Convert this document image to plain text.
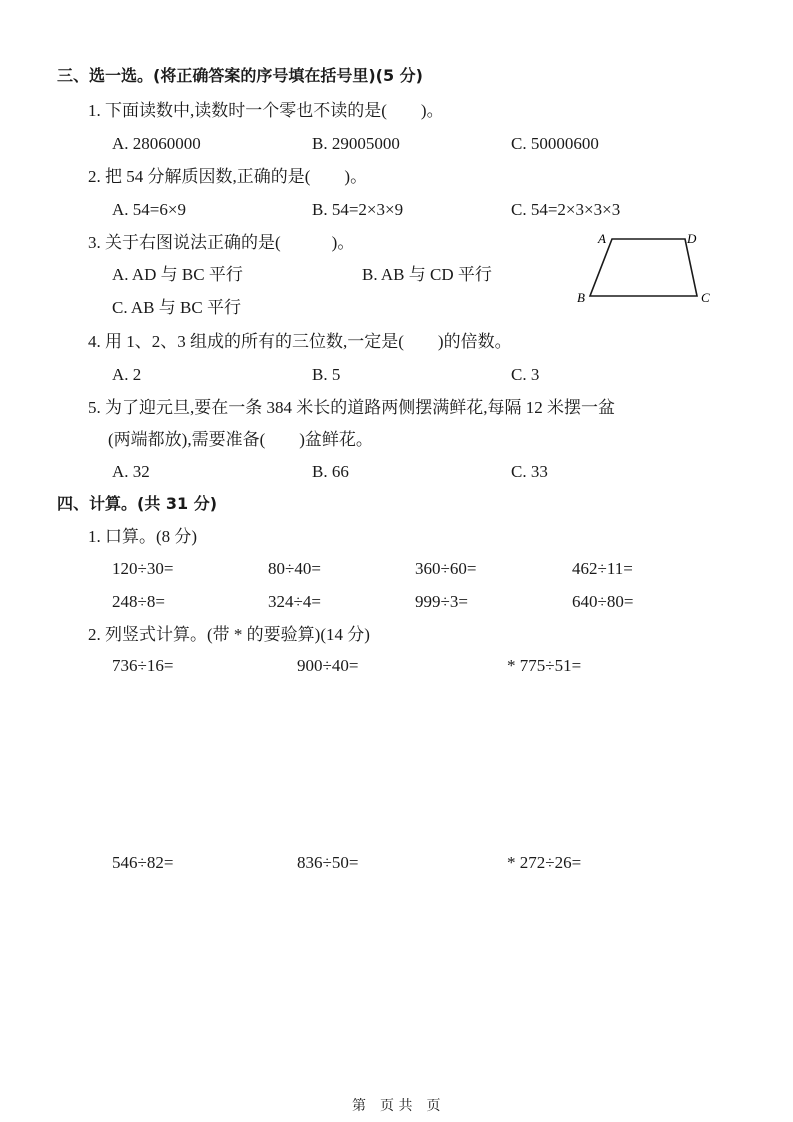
三、选一选。(将正确答案的序号填在括号里)(5 分)
1. 下面读数中,读数时一个零也不读的是(　　)。
A. 28060000	B. 29005000	C. 50000600
2. 把 54 分解质因数,正确的是(　　)。
A. 54=6×9	B. 54=2×3×9	C. 54=2×3×3×3
3. 关于右图说法正确的是(　　　)。
A. AD 与 BC 平行	B. AB 与 CD 平行
C. AB 与 BC 平行
A	D
B	C
4. 用 1、2、3 组成的所有的三位数,一定是(　　)的倍数。
A. 2	B. 5	C. 3
5. 为了迎元旦,要在一条 384 米长的道路两侧摆满鲜花,每隔 12 米摆一盆
(两端都放),需要准备(　　)盆鲜花。
A. 32	B. 66	C. 33
四、计算。(共 31 分)
1. 口算。(8 分)
120÷30=	80÷40=	360÷60=	462÷11=
248÷8=	324÷4=	999÷3=	640÷80=
2. 列竖式计算。(带 * 的要验算)(14 分)
736÷16=	900÷40=	* 775÷51=
546÷82=	836÷50=	* 272÷26=
第　页 共　页
